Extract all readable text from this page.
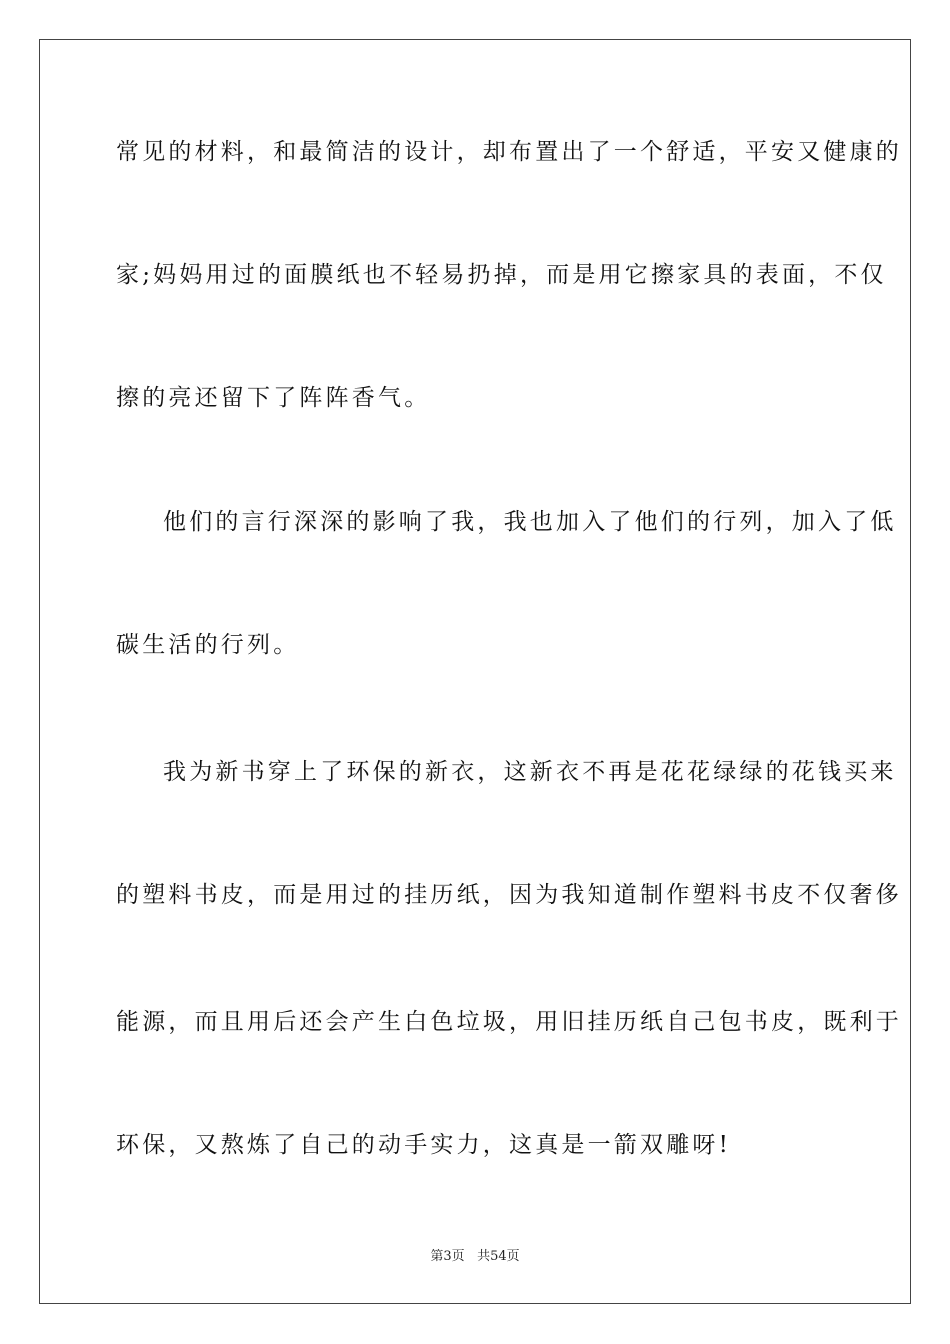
常见的材料，和最简洁的设计，却布置出了一个舒适，平安又健康的
家;妈妈用过的面膜纸也不轻易扔掉，而是用它擦家具的表面，不仅
擦的亮还留下了阵阵香气。
他们的言行深深的影响了我，我也加入了他们的行列，加入了低
碳生活的行列。
我为新书穿上了环保的新衣，这新衣不再是花花绿绿的花钱买来
的塑料书皮，而是用过的挂历纸，因为我知道制作塑料书皮不仅奢侈
能源，而且用后还会产生白色垃圾，用旧挂历纸自己包书皮，既利于
环保，又熬炼了自己的动手实力，这真是一箭双雕呀!
第3页 共54页
